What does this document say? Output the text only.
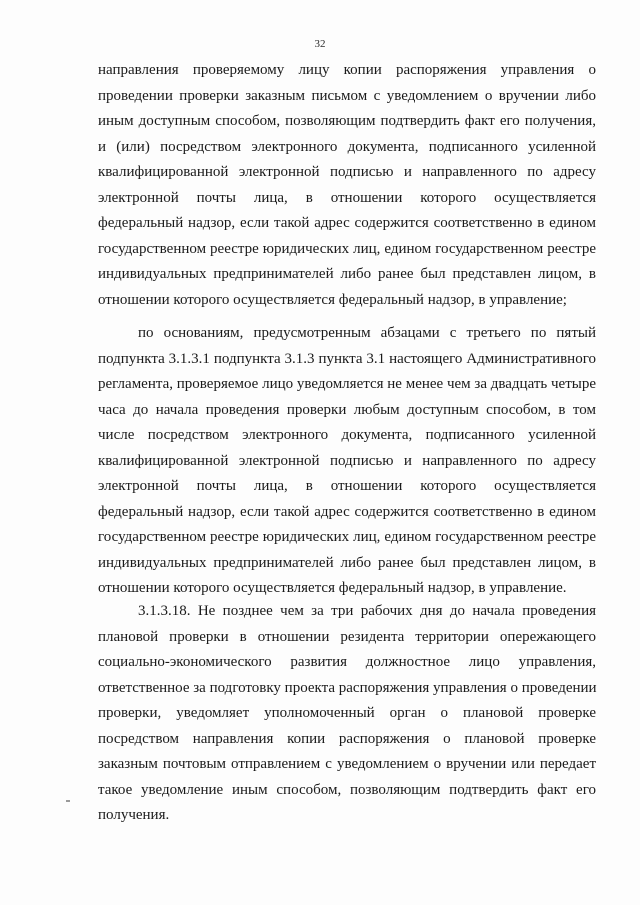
32
направления проверяемому лицу копии распоряжения управления о
проведении проверки заказным письмом с уведомлением о вручении либо
иным доступным способом, позволяющим подтвердить факт его получения,
и (или) посредством электронного документа, подписанного усиленной
квалифицированной электронной подписью и направленного по адресу
электронной почты лица, в отношении которого осуществляется
федеральный надзор, если такой адрес содержится соответственно в едином
государственном реестре юридических лиц, едином государственном реестре
индивидуальных предпринимателей либо ранее был представлен лицом, в
отношении которого осуществляется федеральный надзор, в управление;
по основаниям, предусмотренным абзацами с третьего по пятый
подпункта 3.1.3.1 подпункта 3.1.3 пункта 3.1 настоящего Административного
регламента, проверяемое лицо уведомляется не менее чем за двадцать четыре
часа до начала проведения проверки любым доступным способом, в том
числе посредством электронного документа, подписанного усиленной
квалифицированной электронной подписью и направленного по адресу
электронной почты лица, в отношении которого осуществляется
федеральный надзор, если такой адрес содержится соответственно в едином
государственном реестре юридических лиц, едином государственном реестре
индивидуальных предпринимателей либо ранее был представлен лицом, в
отношении которого осуществляется федеральный надзор, в управление.
3.1.3.18. Не позднее чем за три рабочих дня до начала проведения
плановой проверки в отношении резидента территории опережающего
социально-экономического развития должностное лицо управления,
ответственное за подготовку проекта распоряжения управления о проведении
проверки, уведомляет уполномоченный орган о плановой проверке
посредством направления копии распоряжения о плановой проверке
заказным почтовым отправлением с уведомлением о вручении или передает
такое уведомление иным способом, позволяющим подтвердить факт его
получения.
